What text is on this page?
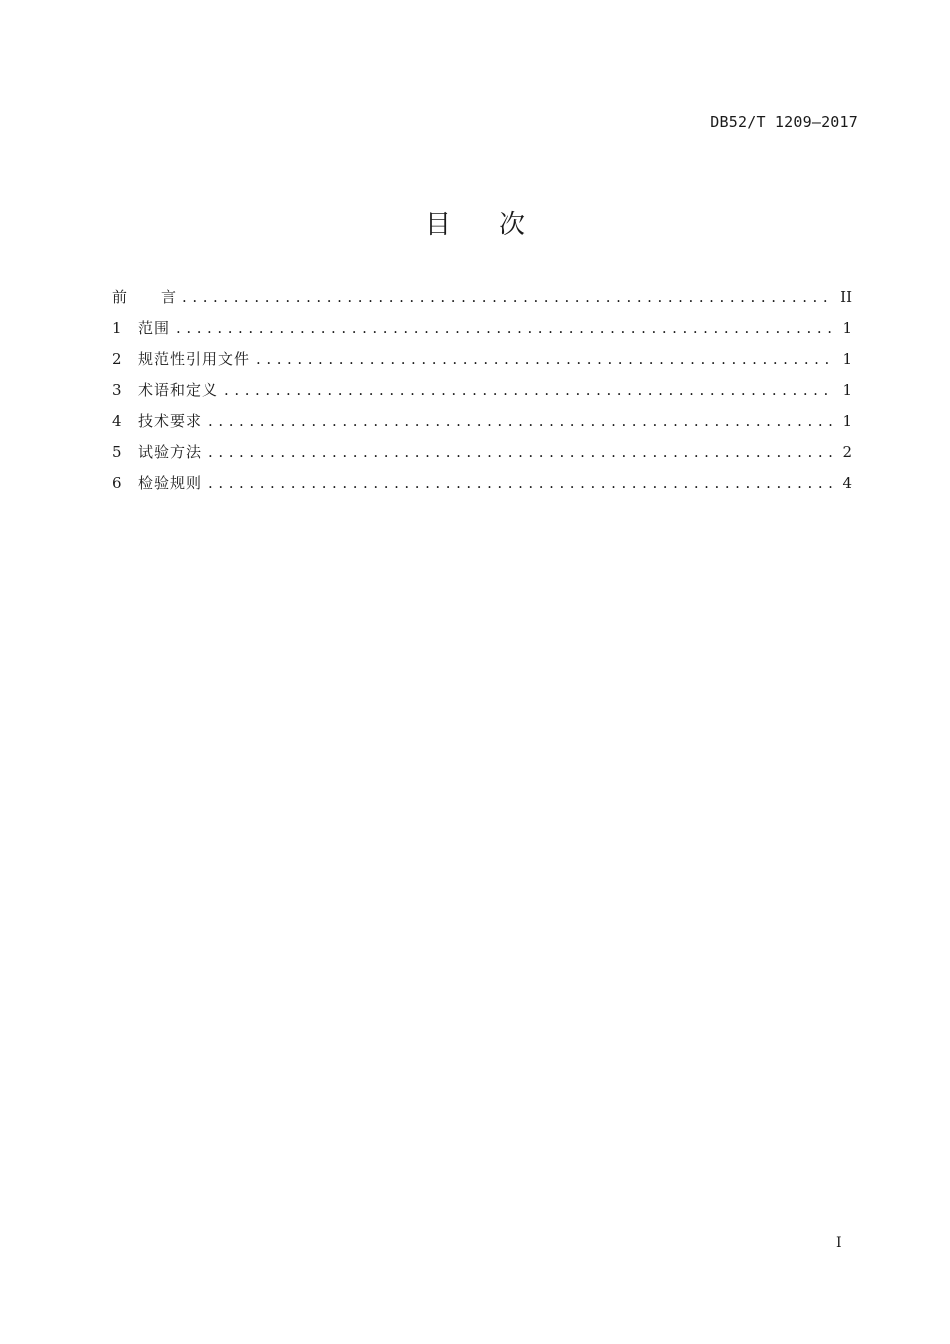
DB52/T 1209—2017
目次
前 言 . . .	II
1	范围 . . .	1
2	规范性引用文件 . . .	1
3	术语和定义 . . .	1
4	技术要求 . . .	1
5	试验方法 . . .	2
6	检验规则 . . .	4
I
